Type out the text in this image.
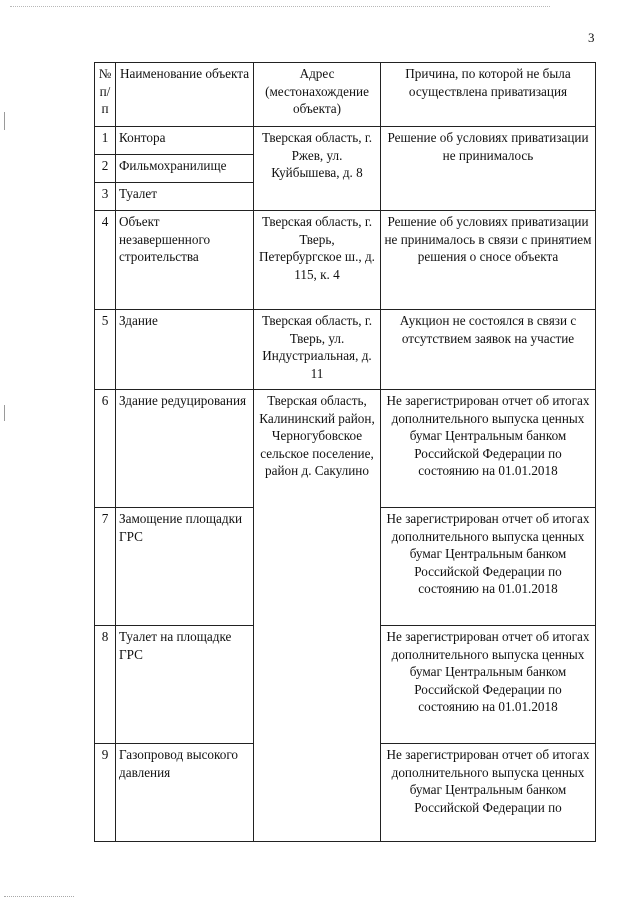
3
№ п/ п	Наименование объекта	Адрес (местонахождение объекта)	Причина, по которой не была осуществлена приватизация
1	Контора	Тверская область, г. Ржев, ул. Куйбышева, д. 8	Решение об условиях приватизации не принималось
2	Фильмохранилище		
3	Туалет		
4	Объект незавершенного строительства	Тверская область, г. Тверь, Петербургское ш., д. 115, к. 4	Решение об условиях приватизации не принималось в связи с принятием решения о сносе объекта
5	Здание	Тверская область, г. Тверь, ул. Индустриальная, д. 11	Аукцион не состоялся в связи с отсутствием заявок на участие
6	Здание редуцирования	Тверская область, Калининский район, Черногубовское сельское поселение, район д. Сакулино	Не зарегистрирован отчет об итогах дополнительного выпуска ценных бумаг Центральным банком Российской Федерации по состоянию на 01.01.2018
7	Замощение площадки ГРС		Не зарегистрирован отчет об итогах дополнительного выпуска ценных бумаг Центральным банком Российской Федерации по состоянию на 01.01.2018
8	Туалет на площадке ГРС		Не зарегистрирован отчет об итогах дополнительного выпуска ценных бумаг Центральным банком Российской Федерации по состоянию на 01.01.2018
9	Газопровод высокого давления		Не зарегистрирован отчет об итогах дополнительного выпуска ценных бумаг Центральным банком Российской Федерации по
